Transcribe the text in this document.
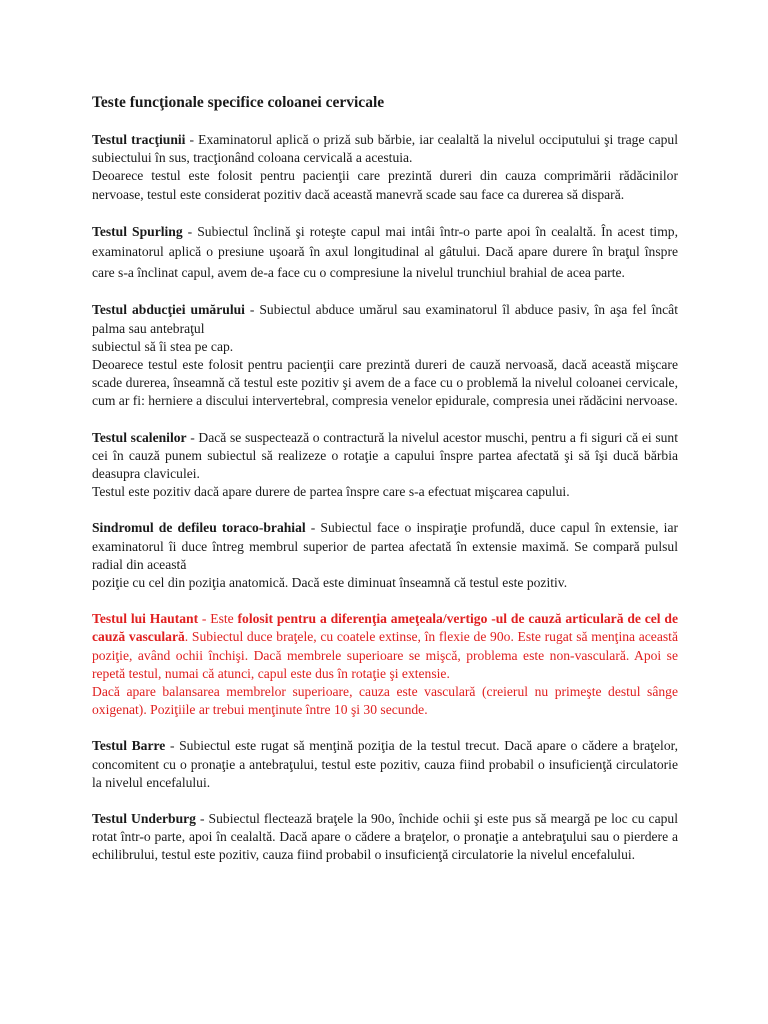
Teste funcţionale specifice coloanei cervicale

Testul tracţiunii - Examinatorul aplică o priză sub bărbie, iar cealaltă la nivelul occiputului şi trage capul subiectului în sus, tracţionând coloana cervicală a acestuia.

Deoarece testul este folosit pentru pacienţii care prezintă dureri din cauza comprimării rădăcinilor nervoase, testul este considerat pozitiv dacă această manevră scade sau face ca durerea să dispară.

Testul Spurling - Subiectul înclină şi roteşte capul mai intâi într-o parte apoi în cealaltă. În acest timp, examinatorul aplică o presiune uşoară în axul longitudinal al gâtului. Dacă apare durere în braţul înspre care s-a înclinat capul, avem de-a face cu o compresiune la nivelul trunchiul brahial de acea parte.

Testul abducţiei umărului - Subiectul abduce umărul sau examinatorul îl abduce pasiv, în aşa fel încât palma sau antebraţul

subiectul să îi stea pe cap.

Deoarece testul este folosit pentru pacienţii care prezintă dureri de cauză nervoasă, dacă această mişcare scade durerea, înseamnă că testul este pozitiv şi avem de a face cu o problemă la nivelul coloanei cervicale, cum ar fi: herniere a discului intervertebral, compresia venelor epidurale, compresia unei rădăcini nervoase.

Testul scalenilor - Dacă se suspectează o contractură la nivelul acestor muschi, pentru a fi siguri că ei sunt cei în cauză punem subiectul să realizeze o rotaţie a capului înspre partea afectată şi să îşi ducă bărbia deasupra claviculei.

Testul este pozitiv dacă apare durere de partea înspre care s-a efectuat mişcarea capului.

Sindromul de defileu toraco-brahial - Subiectul face o inspiraţie profundă, duce capul în extensie, iar examinatorul îi duce întreg membrul superior de partea afectată în extensie maximă. Se compară pulsul radial din această

poziţie cu cel din poziţia anatomică. Dacă este diminuat înseamnă că testul este pozitiv.

Testul lui Hautant - Este folosit pentru a diferenţia ameţeala/vertigo -ul de cauză articulară de cel de cauză vasculară. Subiectul duce braţele, cu coatele extinse, în flexie de 90o. Este rugat să menţina această poziţie, având ochii închişi. Dacă membrele superioare se mişcă, problema este non-vasculară. Apoi se repetă testul, numai că atunci, capul este dus în rotaţie şi extensie.

Dacă apare balansarea membrelor superioare, cauza este vasculară (creierul nu primeşte destul sânge oxigenat). Poziţiile ar trebui menţinute între 10 şi 30 secunde.

Testul Barre - Subiectul este rugat să menţină poziţia de la testul trecut. Dacă apare o cădere a braţelor, concomitent cu o pronaţie a antebraţului, testul este pozitiv, cauza fiind probabil o insuficienţă circulatorie la nivelul encefalului.

Testul Underburg - Subiectul flectează braţele la 90o, închide ochii şi este pus să meargă pe loc cu capul rotat într-o parte, apoi în cealaltă. Dacă apare o cădere a braţelor, o pronaţie a antebraţului sau o pierdere a echilibrului, testul este pozitiv, cauza fiind probabil o insuficienţă circulatorie la nivelul encefalului.
